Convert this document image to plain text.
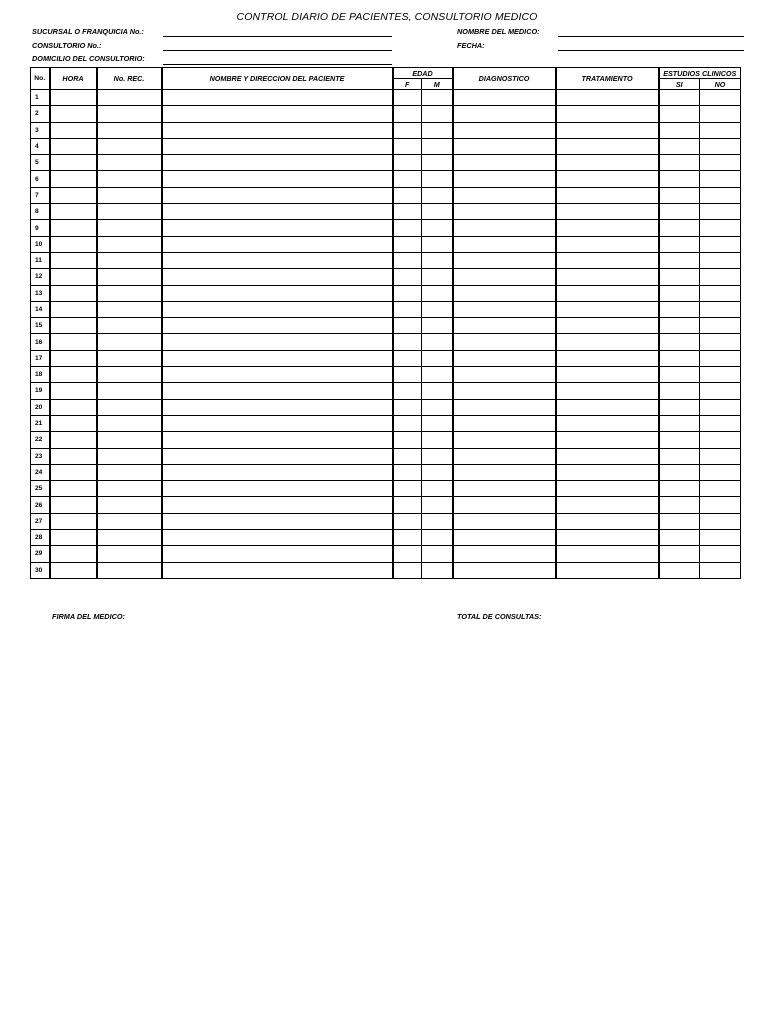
CONTROL DIARIO DE PACIENTES, CONSULTORIO MEDICO
SUCURSAL O FRANQUICIA No.:
CONSULTORIO No.:
DOMICILIO DEL CONSULTORIO:
NOMBRE DEL MEDICO:
FECHA:
No.	HORA	No. REC.	NOMBRE Y DIRECCION DEL PACIENTE	EDAD		DIAGNOSTICO	TRATAMIENTO	ESTUDIOS CLINICOS	
				F	M			SI	NO
1									
2									
3									
4									
5									
6									
7									
8									
9									
10									
11									
12									
13									
14									
15									
16									
17									
18									
19									
20									
21									
22									
23									
24									
25									
26									
27									
28									
29									
30									
FIRMA DEL MEDICO:	TOTAL DE CONSULTAS:
